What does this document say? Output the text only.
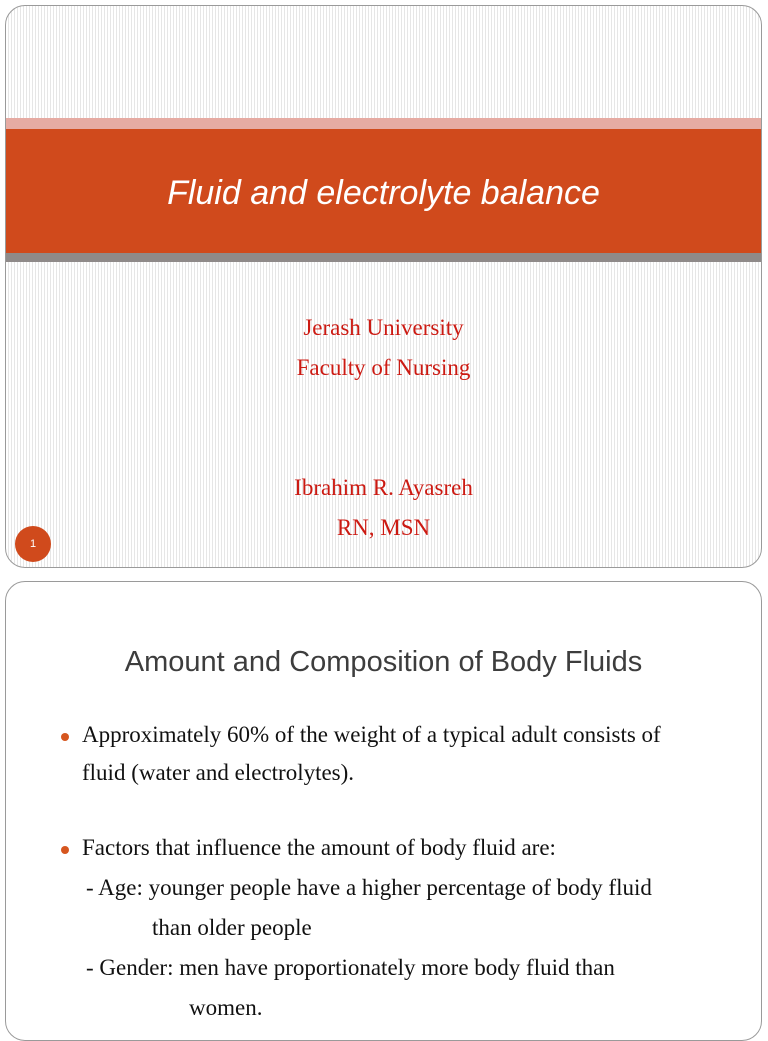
Fluid and electrolyte balance
Jerash University
Faculty of Nursing
Ibrahim R. Ayasreh
RN, MSN
1
Amount and Composition of Body Fluids
Approximately 60% of the weight of a typical adult consists of
fluid (water and electrolytes).
Factors that influence the amount of body fluid are:
- Age: younger people have a higher percentage of body fluid
than older people
- Gender: men have proportionately more body fluid than
women.
